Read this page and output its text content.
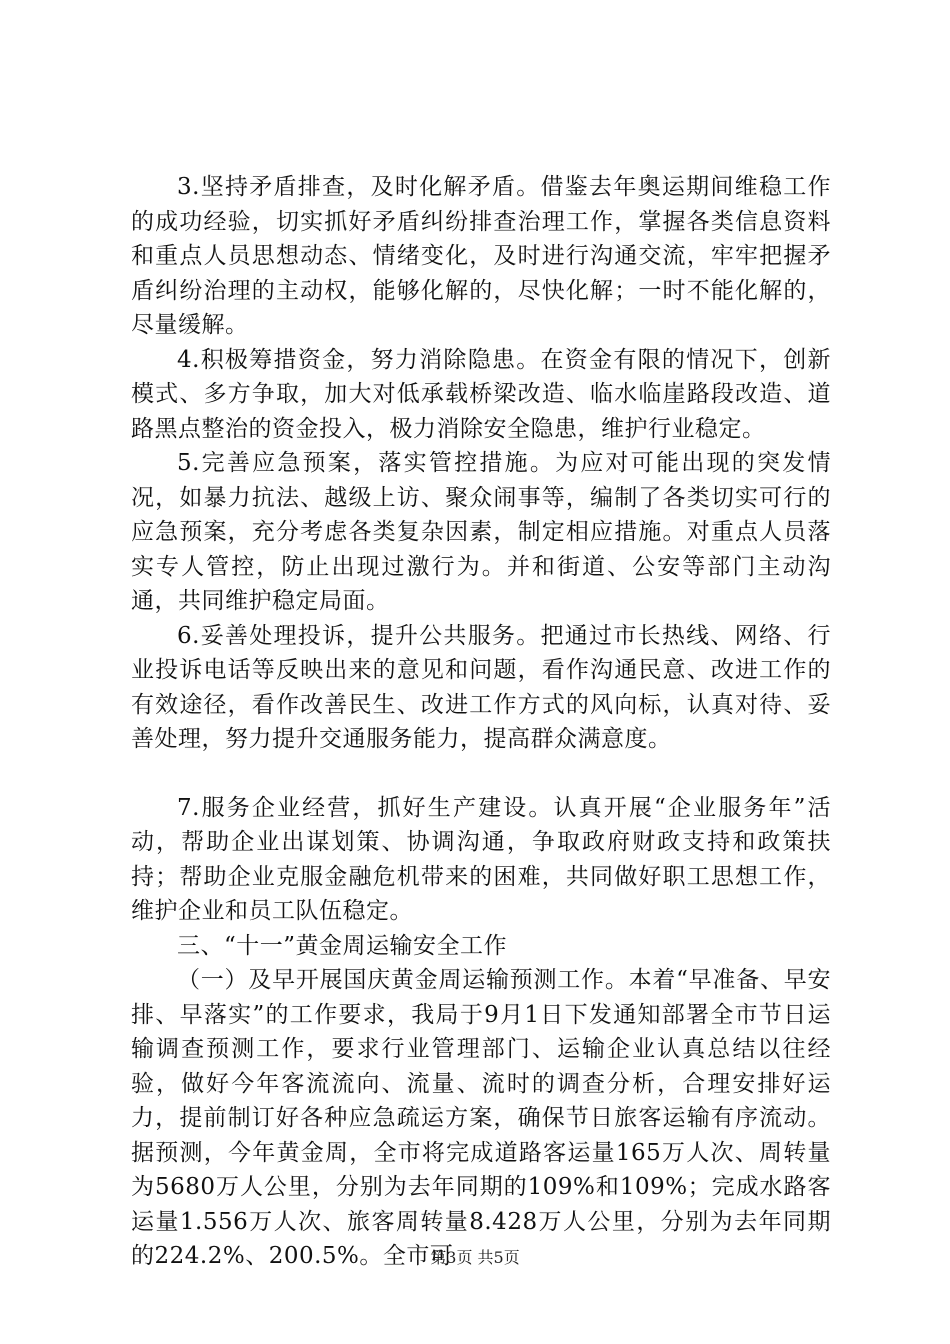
3.坚持矛盾排查，及时化解矛盾。借鉴去年奥运期间维稳工作的成功经验，切实抓好矛盾纠纷排查治理工作，掌握各类信息资料和重点人员思想动态、情绪变化，及时进行沟通交流，牢牢把握矛盾纠纷治理的主动权，能够化解的，尽快化解；一时不能化解的，尽量缓解。

4.积极筹措资金，努力消除隐患。在资金有限的情况下，创新模式、多方争取，加大对低承载桥梁改造、临水临崖路段改造、道路黑点整治的资金投入，极力消除安全隐患，维护行业稳定。

5.完善应急预案，落实管控措施。为应对可能出现的突发情况，如暴力抗法、越级上访、聚众闹事等，编制了各类切实可行的应急预案，充分考虑各类复杂因素，制定相应措施。对重点人员落实专人管控，防止出现过激行为。并和街道、公安等部门主动沟通，共同维护稳定局面。

6.妥善处理投诉，提升公共服务。把通过市长热线、网络、行业投诉电话等反映出来的意见和问题，看作沟通民意、改进工作的有效途径，看作改善民生、改进工作方式的风向标，认真对待、妥善处理，努力提升交通服务能力，提高群众满意度。

7.服务企业经营，抓好生产建设。认真开展“企业服务年”活动，帮助企业出谋划策、协调沟通，争取政府财政支持和政策扶持；帮助企业克服金融危机带来的困难，共同做好职工思想工作，维护企业和员工队伍稳定。

三、“十一”黄金周运输安全工作

（一）及早开展国庆黄金周运输预测工作。本着“早准备、早安排、早落实”的工作要求，我局于9月1日下发通知部署全市节日运输调查预测工作，要求行业管理部门、运输企业认真总结以往经验，做好今年客流流向、流量、流时的调查分析，合理安排好运力，提前制订好各种应急疏运方案，确保节日旅客运输有序流动。据预测，今年黄金周，全市将完成道路客运量165万人次、周转量为5680万人公里，分别为去年同期的109%和109%；完成水路客运量1.556万人次、旅客周转量8.428万人公里，分别为去年同期的224.2%、200.5%。全市可

第3页 共5页
